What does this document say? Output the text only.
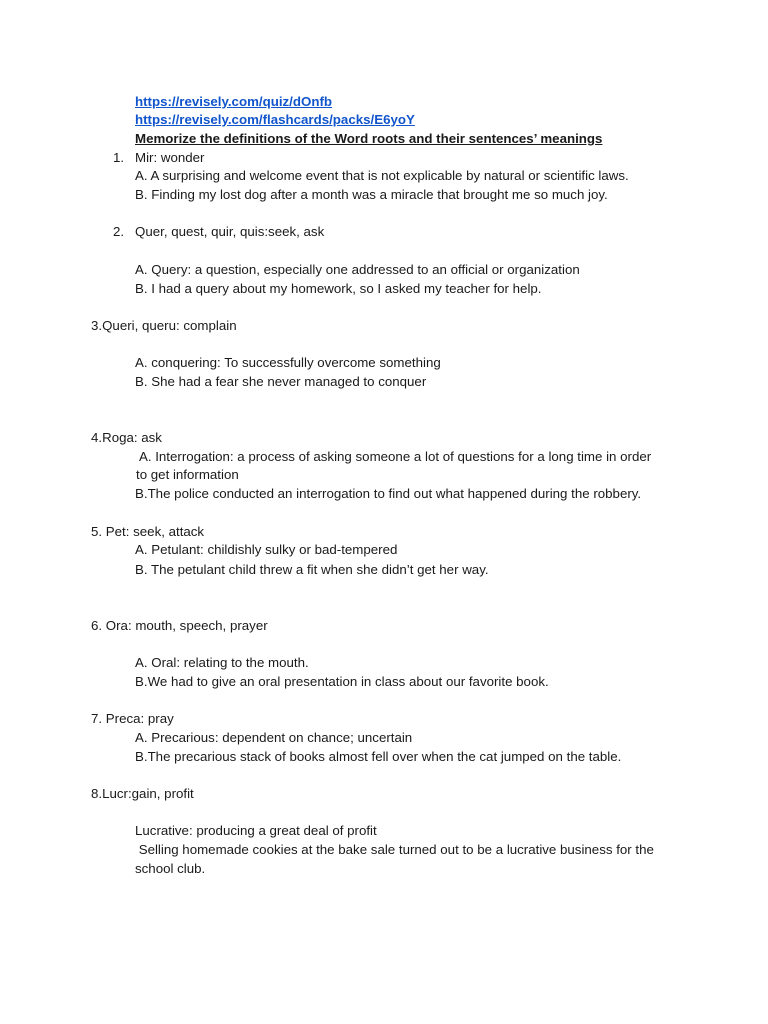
https://revisely.com/quiz/dOnfb
https://revisely.com/flashcards/packs/E6yoY
Memorize the definitions of the Word roots and their sentences’ meanings
1. Mir: wonder
A. A surprising and welcome event that is not explicable by natural or scientific laws.
B. Finding my lost dog after a month was a miracle that brought me so much joy.
2. Quer, quest, quir, quis:seek, ask
A. Query: a question, especially one addressed to an official or organization
B. I had a query about my homework, so I asked my teacher for help.
3.Queri, queru: complain
A. conquering: To successfully overcome something
B. She had a fear she never managed to conquer
4.Roga: ask
A. Interrogation: a process of asking someone a lot of questions for a long time in order
to get information
B.The police conducted an interrogation to find out what happened during the robbery.
5. Pet: seek, attack
A. Petulant: childishly sulky or bad-tempered
B. The petulant child threw a fit when she didn’t get her way.
6. Ora: mouth, speech, prayer
A. Oral: relating to the mouth.
B.We had to give an oral presentation in class about our favorite book.
7. Preca: pray
A. Precarious: dependent on chance; uncertain
B.The precarious stack of books almost fell over when the cat jumped on the table.
8.Lucr:gain, profit
Lucrative: producing a great deal of profit
Selling homemade cookies at the bake sale turned out to be a lucrative business for the
school club.
